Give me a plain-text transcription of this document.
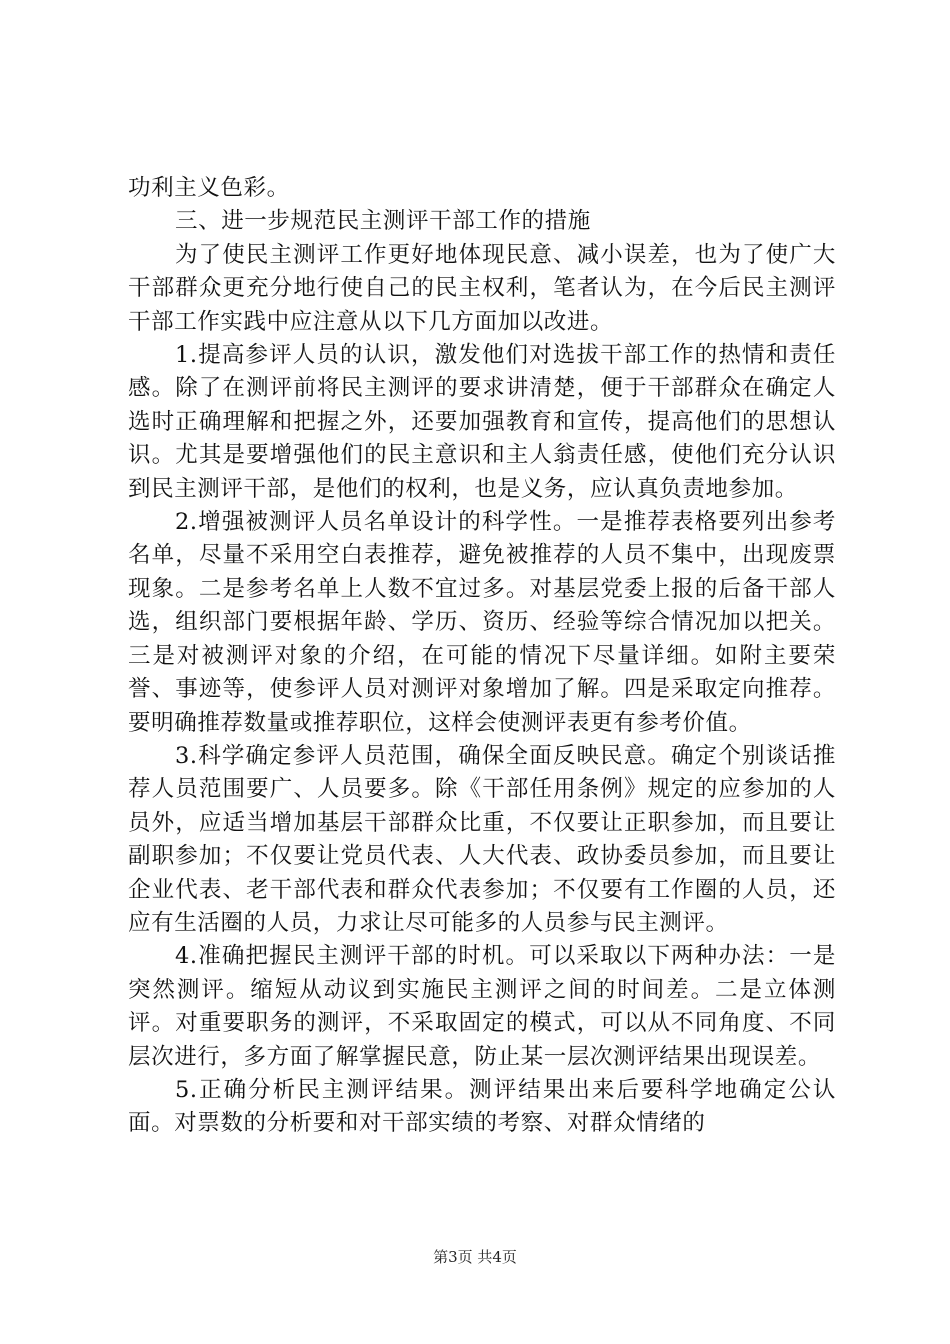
功利主义色彩。

三、进一步规范民主测评干部工作的措施

为了使民主测评工作更好地体现民意、减小误差，也为了使广大干部群众更充分地行使自己的民主权利，笔者认为，在今后民主测评干部工作实践中应注意从以下几方面加以改进。

1.提高参评人员的认识，激发他们对选拔干部工作的热情和责任感。除了在测评前将民主测评的要求讲清楚，便于干部群众在确定人选时正确理解和把握之外，还要加强教育和宣传，提高他们的思想认识。尤其是要增强他们的民主意识和主人翁责任感，使他们充分认识到民主测评干部，是他们的权利，也是义务，应认真负责地参加。

2.增强被测评人员名单设计的科学性。一是推荐表格要列出参考名单，尽量不采用空白表推荐，避免被推荐的人员不集中，出现废票现象。二是参考名单上人数不宜过多。对基层党委上报的后备干部人选，组织部门要根据年龄、学历、资历、经验等综合情况加以把关。三是对被测评对象的介绍，在可能的情况下尽量详细。如附主要荣誉、事迹等，使参评人员对测评对象增加了解。四是采取定向推荐。要明确推荐数量或推荐职位，这样会使测评表更有参考价值。

3.科学确定参评人员范围，确保全面反映民意。确定个别谈话推荐人员范围要广、人员要多。除《干部任用条例》规定的应参加的人员外，应适当增加基层干部群众比重，不仅要让正职参加，而且要让副职参加；不仅要让党员代表、人大代表、政协委员参加，而且要让企业代表、老干部代表和群众代表参加；不仅要有工作圈的人员，还应有生活圈的人员，力求让尽可能多的人员参与民主测评。

4.准确把握民主测评干部的时机。可以采取以下两种办法：一是突然测评。缩短从动议到实施民主测评之间的时间差。二是立体测评。对重要职务的测评，不采取固定的模式，可以从不同角度、不同层次进行，多方面了解掌握民意，防止某一层次测评结果出现误差。

5.正确分析民主测评结果。测评结果出来后要科学地确定公认面。对票数的分析要和对干部实绩的考察、对群众情绪的

第3页 共4页
